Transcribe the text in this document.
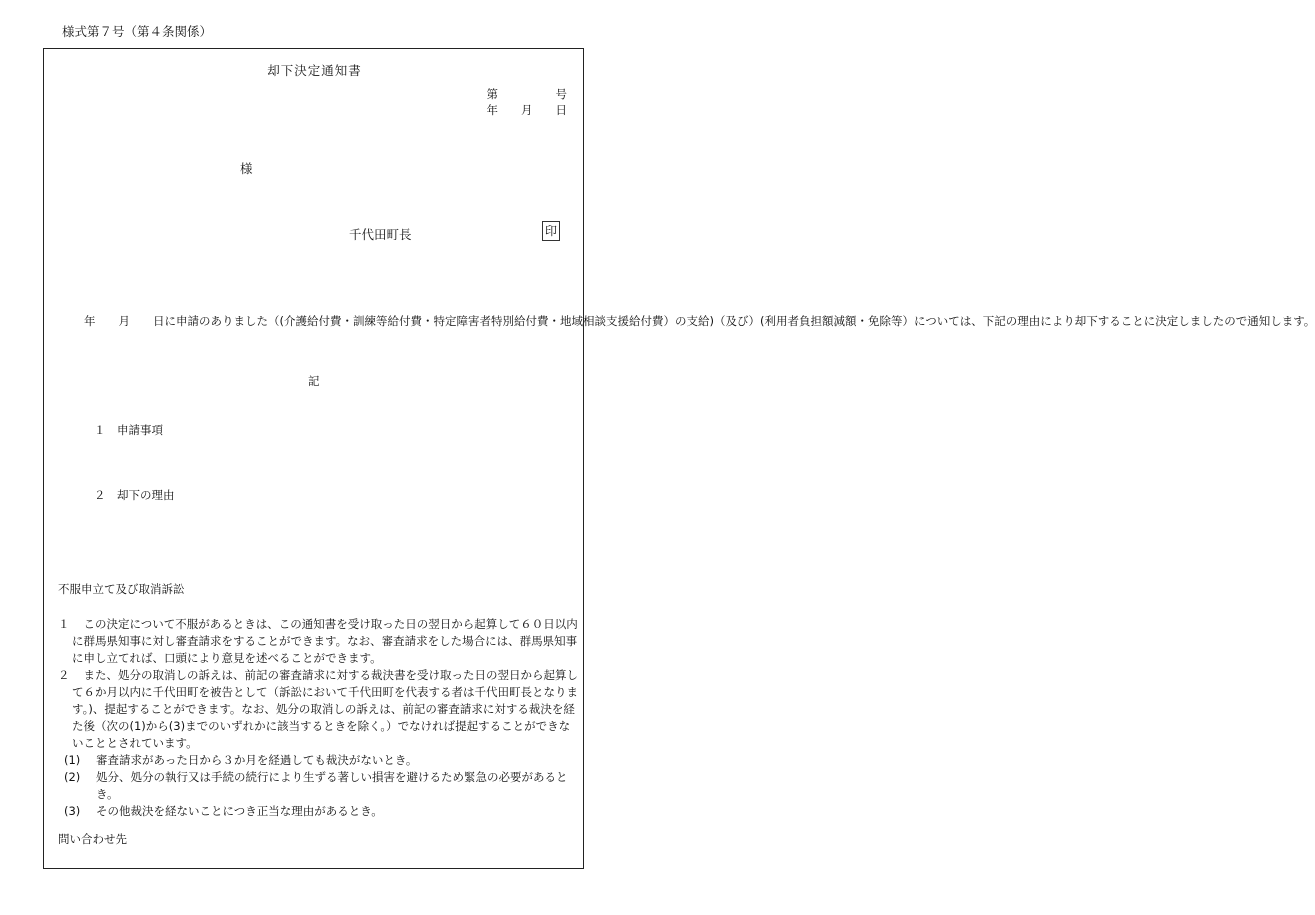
様式第７号（第４条関係）
却下決定通知書
第　　　　　号
年　　月　　日
様
千代田町長	印
年　　月　　日に申請のありました（(介護給付費・訓練等給付費・特定障害者特別給付費・地域相談支援給付費）の支給)（及び）(利用者負担額減額・免除等）については、下記の理由により却下することに決定しましたので通知します。
記
１　 申請事項
２　 却下の理由
不服申立て及び取消訴訟
１
　 この決定について不服があるときは、この通知書を受け取った日の翌日から起算して６０日以内に群馬県知事に対し審査請求をすることができます。なお、審査請求をした場合には、群馬県知事に申し立てれば、口頭により意見を述べることができます。
２
　 また、処分の取消しの訴えは、前記の審査請求に対する裁決書を受け取った日の翌日から起算して６か月以内に千代田町を被告として（訴訟において千代田町を代表する者は千代田町長となります。)、提起することができます。なお、処分の取消しの訴えは、前記の審査請求に対する裁決を経た後（次の(1)から(3)までのいずれかに該当するときを除く。）でなければ提起することができないこととされています。
(1) 審査請求があった日から３か月を経過しても裁決がないとき。
(2) 処分、処分の執行又は手続の続行により生ずる著しい損害を避けるため緊急の必要があるとき。
(3) その他裁決を経ないことにつき正当な理由があるとき。
問い合わせ先
